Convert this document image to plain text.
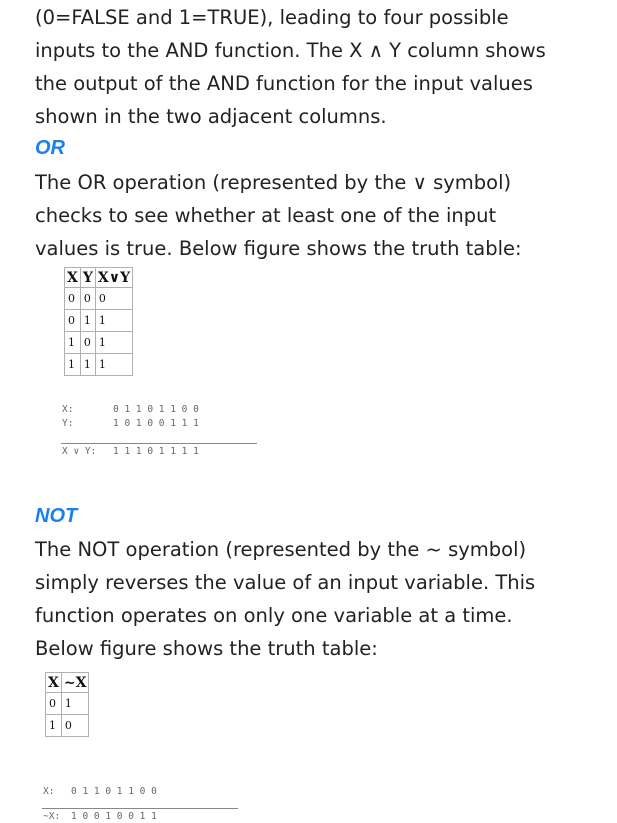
(0=FALSE and 1=TRUE), leading to four possible
inputs to the AND function. The X ∧ Y column shows
the output of the AND function for the input values
shown in the two adjacent columns.
OR
The OR operation (represented by the ∨ symbol)
checks to see whether at least one of the input
values is true. Below figure shows the truth table:
X	Y	X∨Y
0	0	0
0	1	1
1	0	1
1	1	1
X:	0 1 1 0 1 1 0 0
Y:	1 0 1 0 0 1 1 1
X ∨ Y: 1 1 1 0 1 1 1 1
NOT
The NOT operation (represented by the ~ symbol)
simply reverses the value of an input variable. This
function operates on only one variable at a time.
Below figure shows the truth table:
X	~X
0	1
1	0
X: 0 1 1 0 1 1 0 0
~X: 1 0 0 1 0 0 1 1
